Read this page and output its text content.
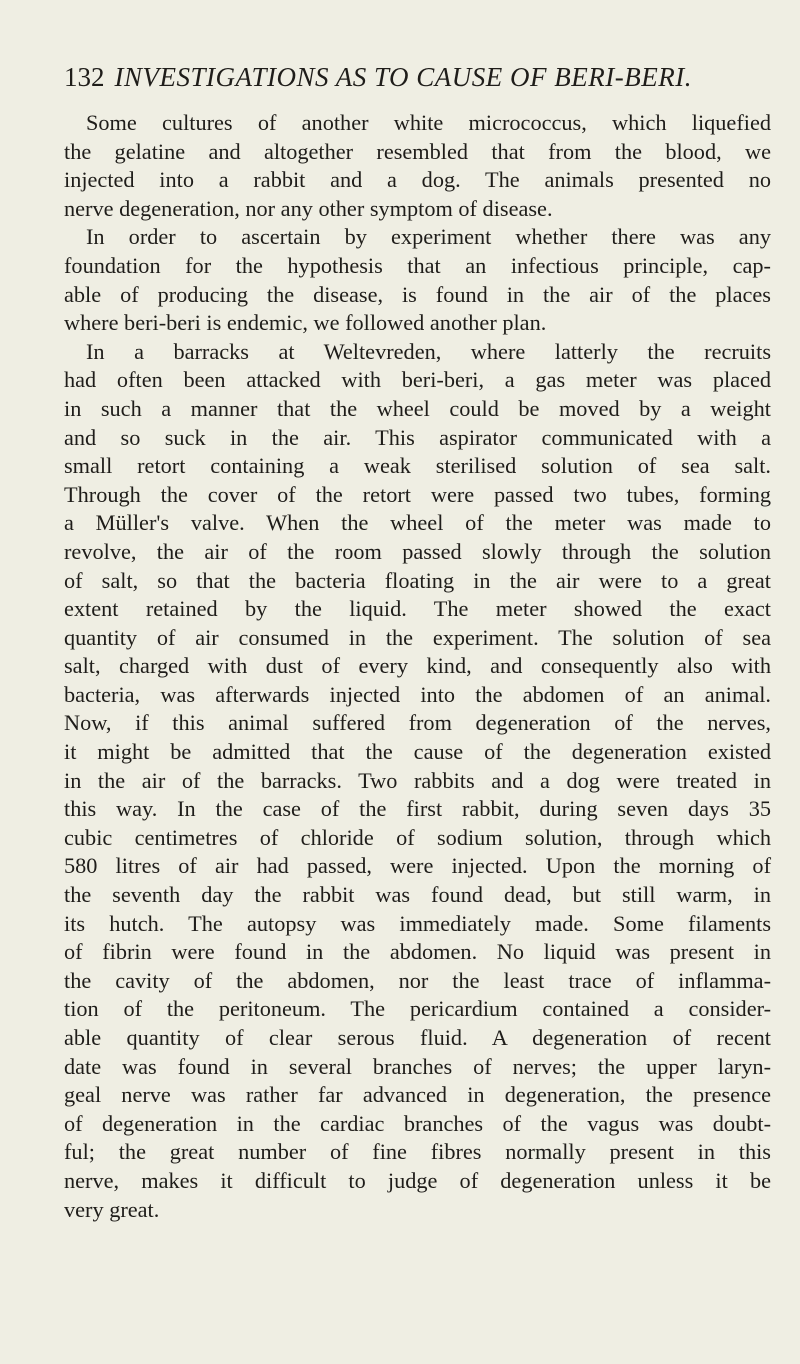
132 INVESTIGATIONS AS TO CAUSE OF BERI-BERI.
Some cultures of another white micrococcus, which liquefied
the gelatine and altogether resembled that from the blood, we
injected into a rabbit and a dog. The animals presented no
nerve degeneration, nor any other symptom of disease.
In order to ascertain by experiment whether there was any
foundation for the hypothesis that an infectious principle, cap-
able of producing the disease, is found in the air of the places
where beri-beri is endemic, we followed another plan.
In a barracks at Weltevreden, where latterly the recruits
had often been attacked with beri-beri, a gas meter was placed
in such a manner that the wheel could be moved by a weight
and so suck in the air. This aspirator communicated with a
small retort containing a weak sterilised solution of sea salt.
Through the cover of the retort were passed two tubes, forming
a Müller's valve. When the wheel of the meter was made to
revolve, the air of the room passed slowly through the solution
of salt, so that the bacteria floating in the air were to a great
extent retained by the liquid. The meter showed the exact
quantity of air consumed in the experiment. The solution of sea
salt, charged with dust of every kind, and consequently also with
bacteria, was afterwards injected into the abdomen of an animal.
Now, if this animal suffered from degeneration of the nerves,
it might be admitted that the cause of the degeneration existed
in the air of the barracks. Two rabbits and a dog were treated in
this way. In the case of the first rabbit, during seven days 35
cubic centimetres of chloride of sodium solution, through which
580 litres of air had passed, were injected. Upon the morning of
the seventh day the rabbit was found dead, but still warm, in
its hutch. The autopsy was immediately made. Some filaments
of fibrin were found in the abdomen. No liquid was present in
the cavity of the abdomen, nor the least trace of inflamma-
tion of the peritoneum. The pericardium contained a consider-
able quantity of clear serous fluid. A degeneration of recent
date was found in several branches of nerves; the upper laryn-
geal nerve was rather far advanced in degeneration, the presence
of degeneration in the cardiac branches of the vagus was doubt-
ful; the great number of fine fibres normally present in this
nerve, makes it difficult to judge of degeneration unless it be
very great.
